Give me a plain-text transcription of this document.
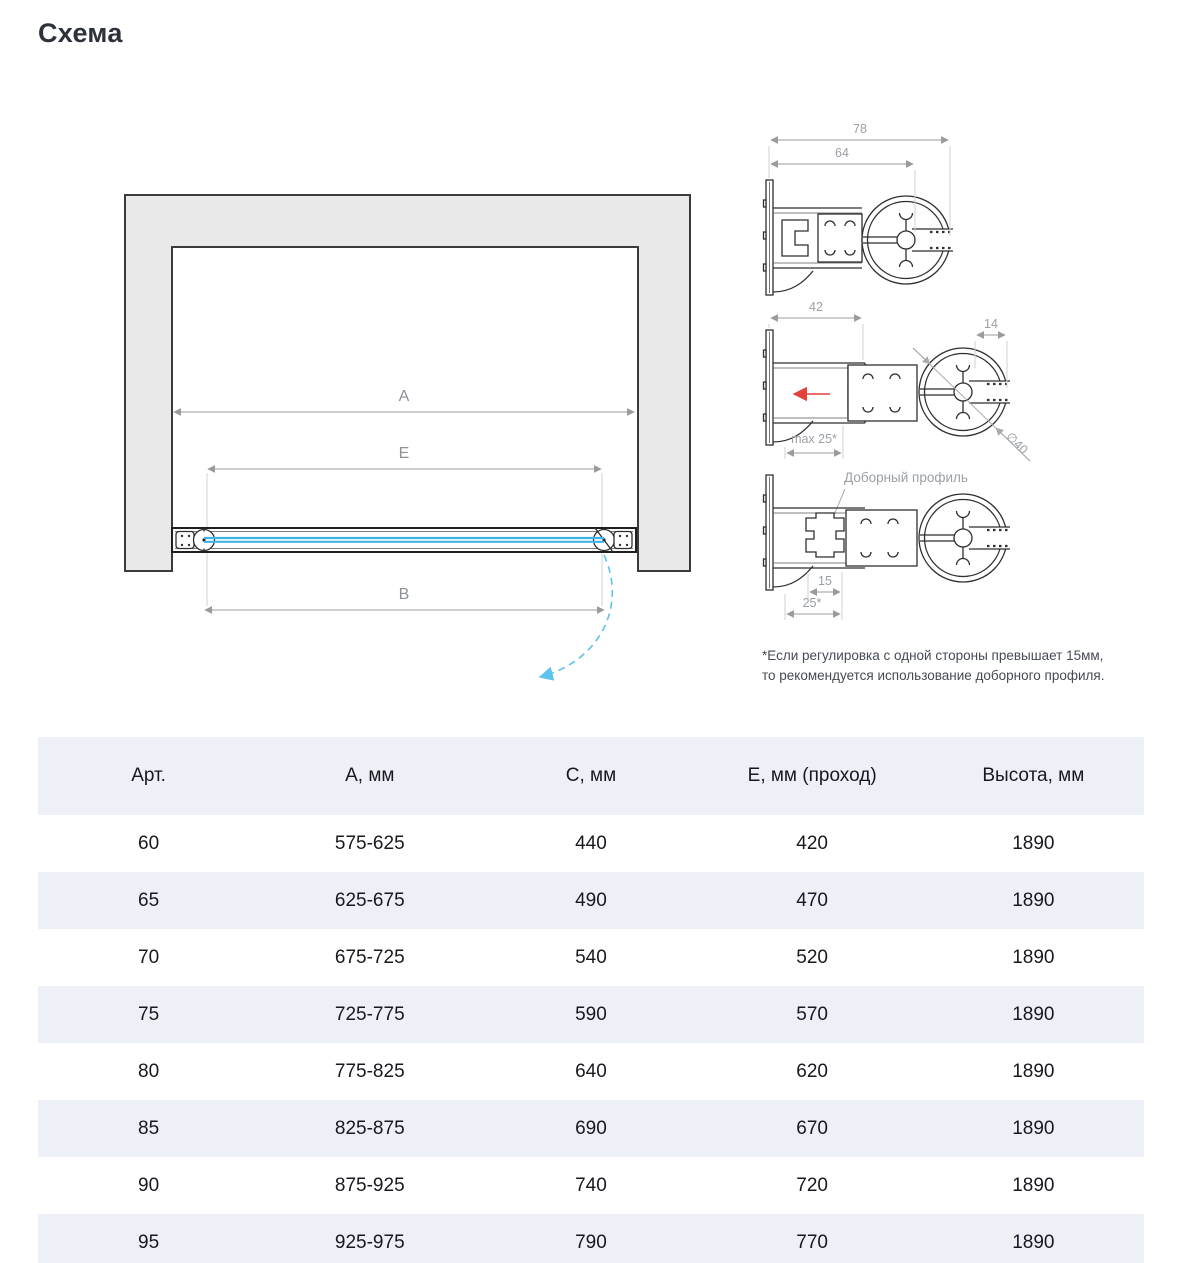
Схема
A
E
B
78
64
42
14
max 25*	∅40
Доборный профиль
15
25*
*Если регулировка с одной стороны превышает 15мм,
то рекомендуется использование доборного профиля.
Арт.	А, мм	С, мм	Е, мм (проход)	Высота, мм
60	575-625	440	420	1890
65	625-675	490	470	1890
70	675-725	540	520	1890
75	725-775	590	570	1890
80	775-825	640	620	1890
85	825-875	690	670	1890
90	875-925	740	720	1890
95	925-975	790	770	1890
